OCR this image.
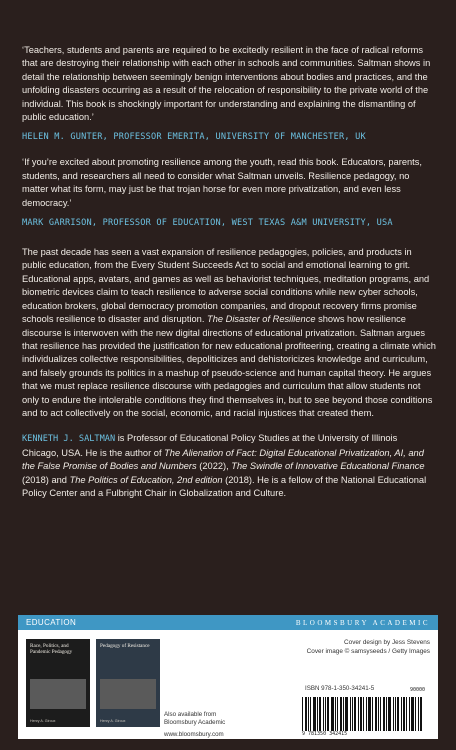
‘Teachers, students and parents are required to be excitedly resilient in the face of radical reforms that are destroying their relationship with each other in schools and communities. Saltman shows in detail the relationship between seemingly benign interventions about bodies and practices, and the unfolding disasters occurring as a result of the relocation of responsibility to the private world of the individual. This book is shockingly important for understanding and explaining the dismantling of public education.’

HELEN M. GUNTER, PROFESSOR EMERITA, UNIVERSITY OF MANCHESTER, UK

‘If you’re excited about promoting resilience among the youth, read this book. Educators, parents, students, and researchers all need to consider what Saltman unveils. Resilience pedagogy, no matter what its form, may just be that trojan horse for even more privatization, and even less democracy.’

MARK GARRISON, PROFESSOR OF EDUCATION, WEST TEXAS A&M UNIVERSITY, USA

The past decade has seen a vast expansion of resilience pedagogies, policies, and products in public education, from the Every Student Succeeds Act to social and emotional learning to grit. Educational apps, avatars, and games as well as behaviorist techniques, meditation programs, and biometric devices claim to teach resilience to adverse social conditions while new cyber schools, education brokers, global democracy promotion companies, and dropout recovery firms promise schools resilience to disaster and disruption. The Disaster of Resilience shows how resilience discourse is interwoven with the new digital directions of educational privatization. Saltman argues that resilience has provided the justification for new educational profiteering, creating a climate which individualizes collective responsibilities, depoliticizes and dehistoricizes knowledge and curriculum, and falsely grounds its politics in a mashup of pseudo-science and human capital theory. He argues that we must replace resilience discourse with pedagogies and curriculum that allow students not only to endure the intolerable conditions they find themselves in, but to see beyond those conditions and to act collectively on the social, economic, and racial injustices that created them.

KENNETH J. SALTMAN is Professor of Educational Policy Studies at the University of Illinois Chicago, USA. He is the author of The Alienation of Fact: Digital Educational Privatization, AI, and the False Promise of Bodies and Numbers (2022), The Swindle of Innovative Educational Finance (2018) and The Politics of Education, 2nd edition (2018). He is a fellow of the National Educational Policy Center and a Fulbright Chair in Globalization and Culture.

EDUCATION	BLOOMSBURY ACADEMIC
Race, Politics, and Pandemic Pedagogy
Henry A. Giroux
Pedagogy of Resistance
Henry A. Giroux
Also available from
Bloomsbury Academic
www.bloomsbury.com
Cover design by Jess Stevens
Cover image © samsyseeds / Getty Images
ISBN 978-1-350-34241-5	90000
9 781350 342415
